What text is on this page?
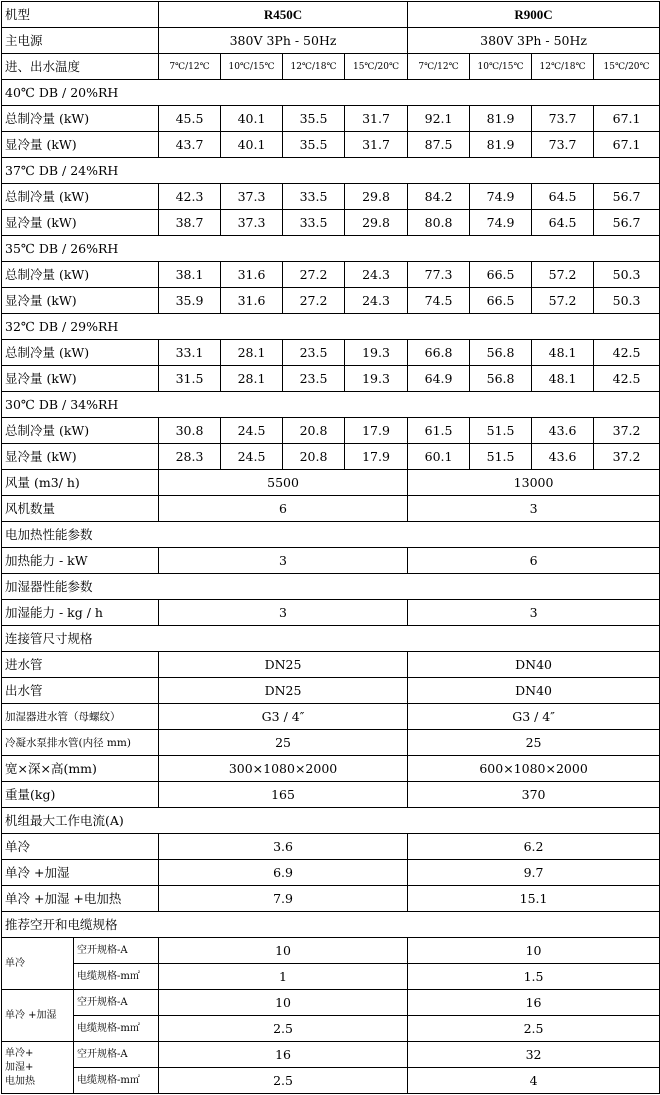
机型		R450C				R900C			
主电源		380V 3Ph - 50Hz				380V 3Ph - 50Hz			
进、出水温度		7℃/12℃	10℃/15℃	12℃/18℃	15℃/20℃	7℃/12℃	10℃/15℃	12℃/18℃	15℃/20℃
40℃ DB / 20%RH									
总制冷量 (kW)		45.5	40.1	35.5	31.7	92.1	81.9	73.7	67.1
显冷量 (kW)		43.7	40.1	35.5	31.7	87.5	81.9	73.7	67.1
37℃ DB / 24%RH									
总制冷量 (kW)		42.3	37.3	33.5	29.8	84.2	74.9	64.5	56.7
显冷量 (kW)		38.7	37.3	33.5	29.8	80.8	74.9	64.5	56.7
35℃ DB / 26%RH									
总制冷量 (kW)		38.1	31.6	27.2	24.3	77.3	66.5	57.2	50.3
显冷量 (kW)		35.9	31.6	27.2	24.3	74.5	66.5	57.2	50.3
32℃ DB / 29%RH									
总制冷量 (kW)		33.1	28.1	23.5	19.3	66.8	56.8	48.1	42.5
显冷量 (kW)		31.5	28.1	23.5	19.3	64.9	56.8	48.1	42.5
30℃ DB / 34%RH									
总制冷量 (kW)		30.8	24.5	20.8	17.9	61.5	51.5	43.6	37.2
显冷量 (kW)		28.3	24.5	20.8	17.9	60.1	51.5	43.6	37.2
风量 (m3/ h)		5500				13000			
风机数量		6				3			
电加热性能参数									
加热能力 - kW		3				6			
加湿器性能参数									
加湿能力 - kg / h		3				3			
连接管尺寸规格									
进水管		DN25				DN40			
出水管		DN25				DN40			
加湿器进水管（母螺纹）		G3 / 4″				G3 / 4″			
冷凝水泵排水管(内径 mm)		25				25			
宽×深×高(mm)		300×1080×2000				600×1080×2000			
重量(kg)		165				370			
机组最大工作电流(A)									
单冷		3.6				6.2			
单冷 +加湿		6.9				9.7			
单冷 +加湿 +电加热		7.9				15.1			
推荐空开和电缆规格									
单冷	空开规格-A	10				10			
	电缆规格-m㎡	1				1.5			
单冷 +加湿	空开规格-A	10				16			
	电缆规格-m㎡	2.5				2.5			

单冷+
加湿+
电加热	空开规格-A	16				32			
	电缆规格-m㎡	2.5				4			
